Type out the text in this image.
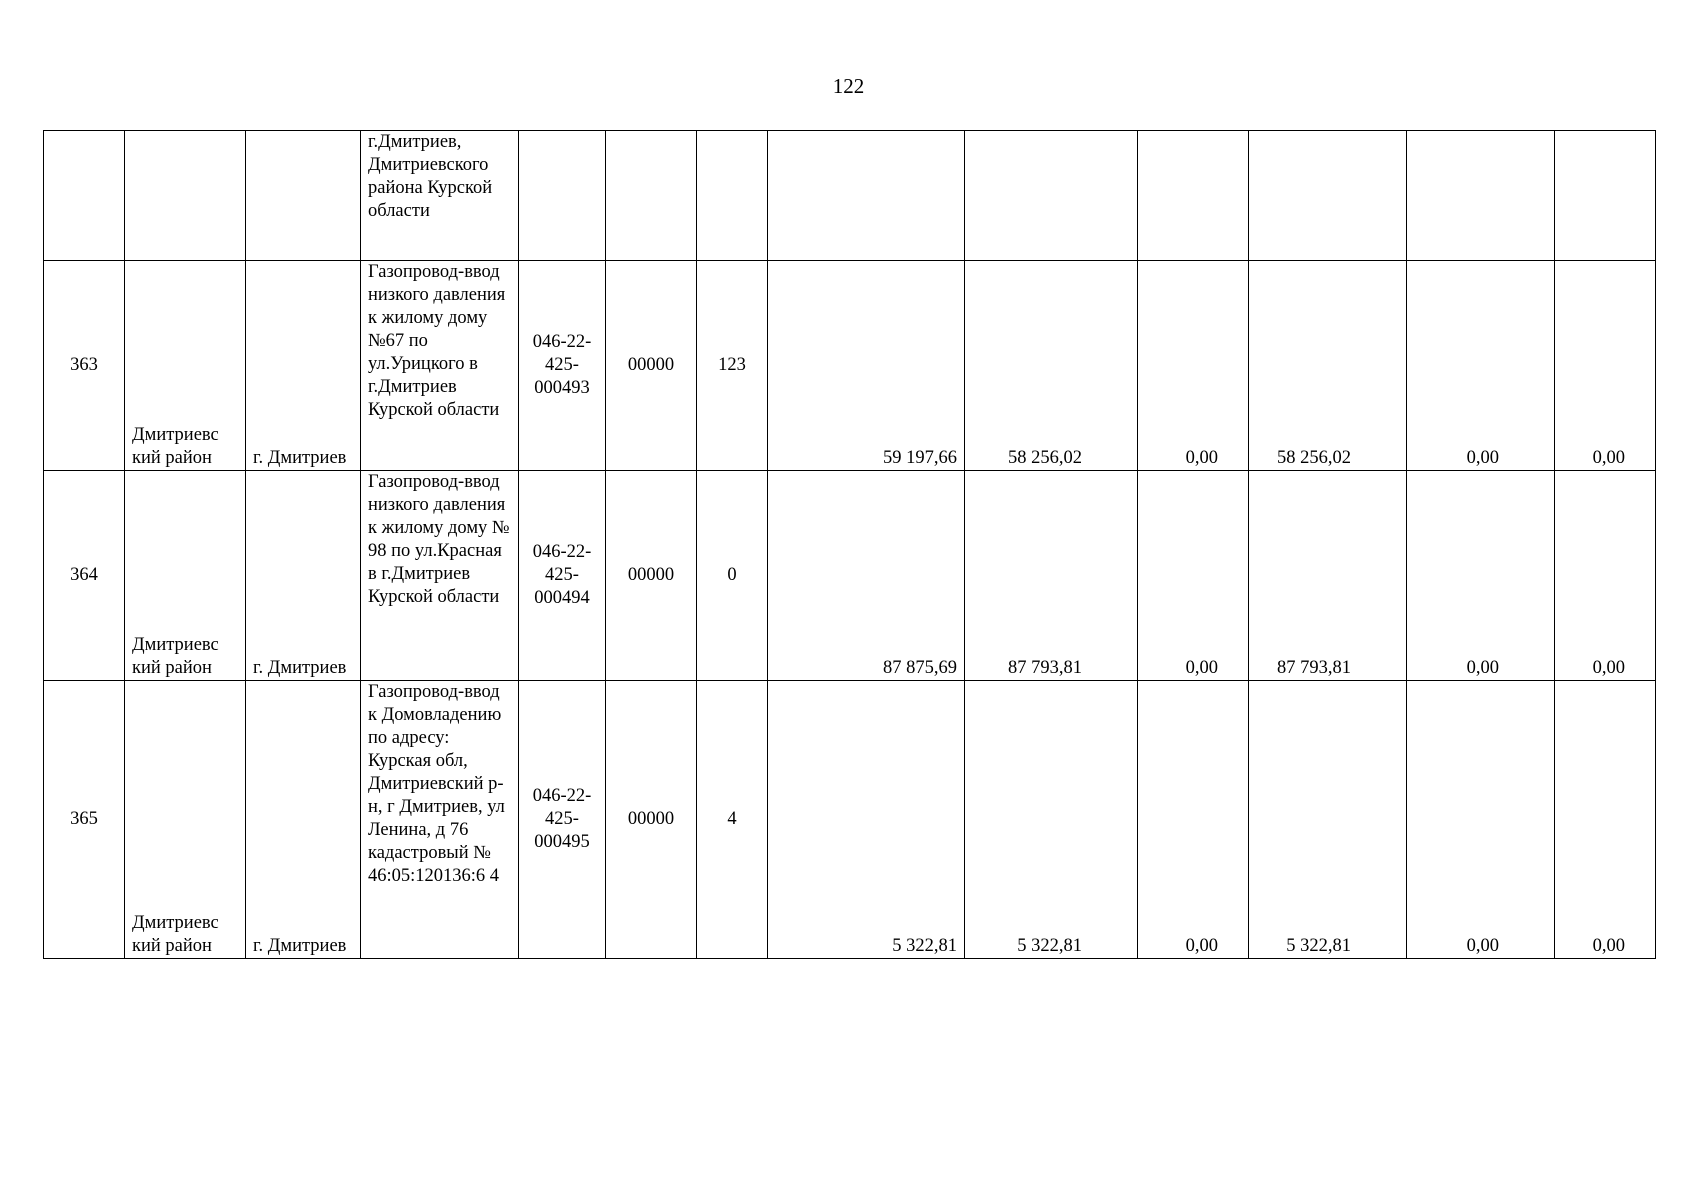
122

			г.Дмитриев, Дмитриевского района Курской области									

363	Дмитриевс кий район	г. Дмитриев	Газопровод-ввод низкого давления к жилому дому №67 по ул.Урицкого в г.Дмитриев Курской области	046-22-425-000493	00000	123	59 197,66	58 256,02	0,00	58 256,02	0,00	0,00
364	Дмитриевс кий район	г. Дмитриев	Газопровод-ввод низкого давления к жилому дому № 98 по ул.Красная в г.Дмитриев Курской области	046-22-425-000494	00000	0	87 875,69	87 793,81	0,00	87 793,81	0,00	0,00
365	Дмитриевс кий район	г. Дмитриев	Газопровод-ввод к Домовладению по адресу: Курская обл, Дмитриевский р-н, г Дмитриев, ул Ленина, д 76 кадастровый № 46:05:120136:6 4	046-22-425-000495	00000	4	5 322,81	5 322,81	0,00	5 322,81	0,00	0,00
